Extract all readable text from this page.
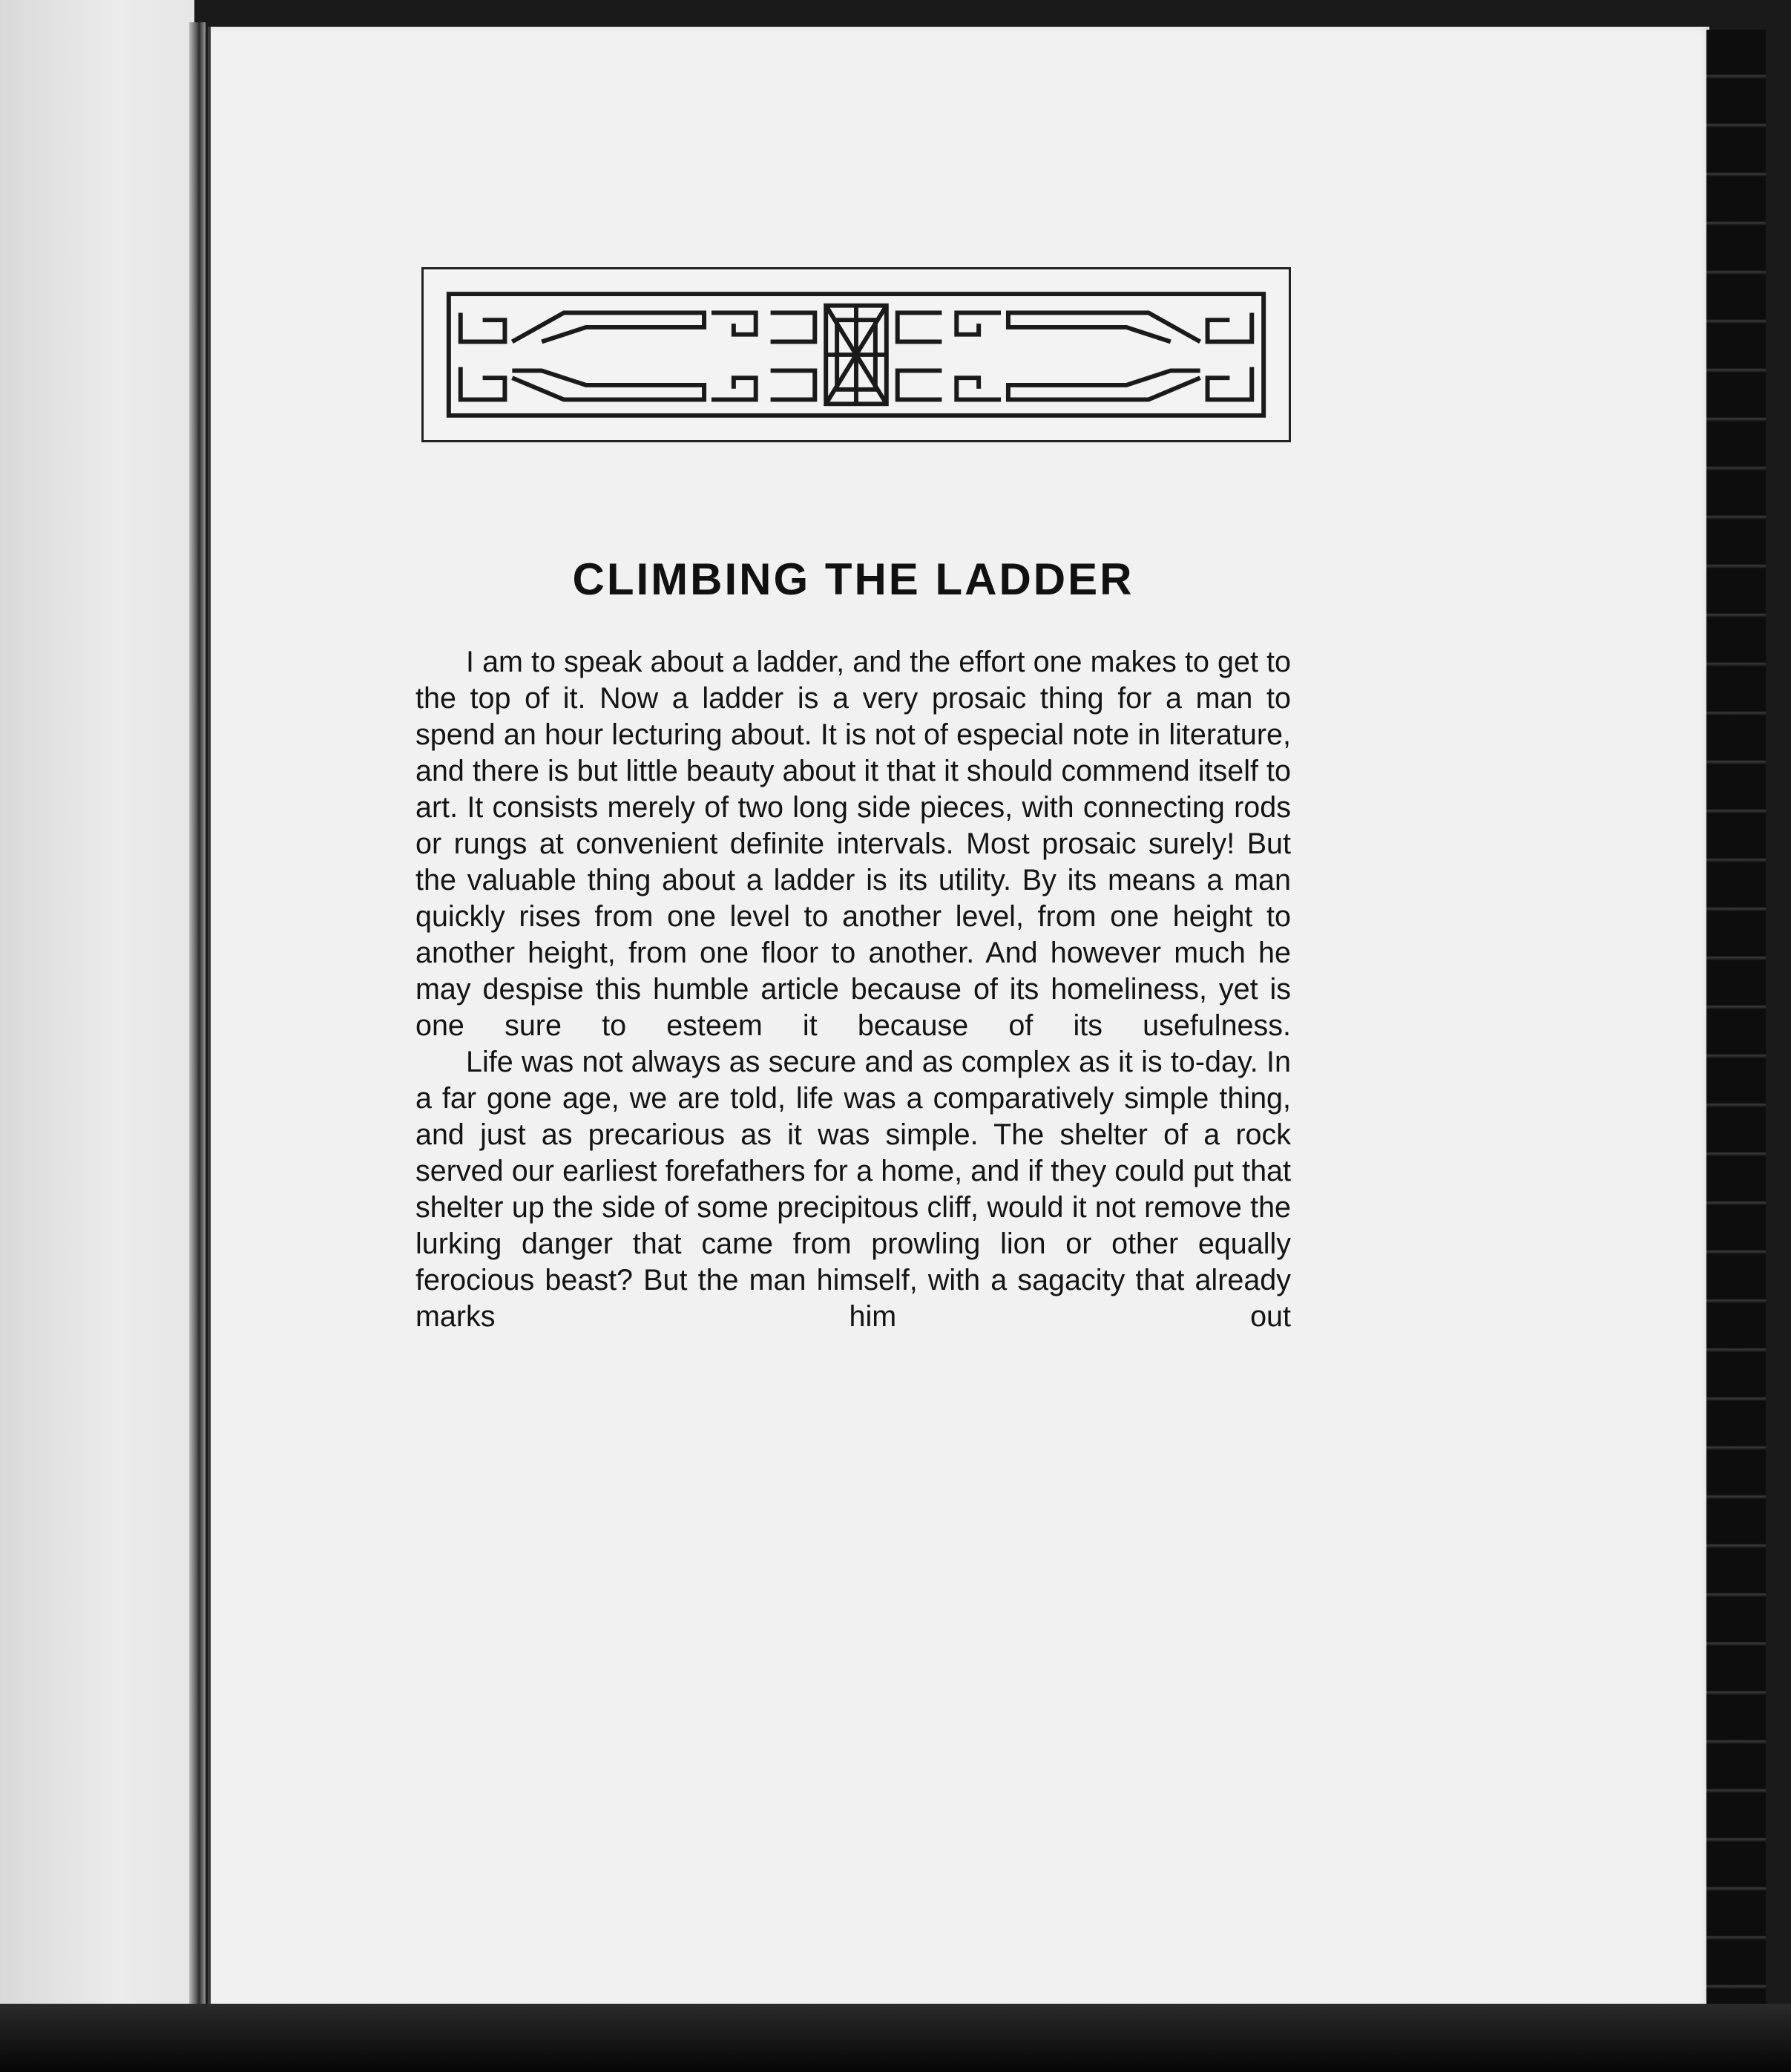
CLIMBING THE LADDER

I am to speak about a ladder, and the effort one makes to get to the top of it. Now a ladder is a very prosaic thing for a man to spend an hour lecturing about. It is not of especial note in literature, and there is but little beauty about it that it should commend itself to art. It consists merely of two long side pieces, with connecting rods or rungs at convenient definite intervals. Most prosaic surely! But the valuable thing about a ladder is its utility. By its means a man quickly rises from one level to another level, from one height to another height, from one floor to another. And however much he may despise this humble article because of its homeliness, yet is one sure to esteem it because of its usefulness.

Life was not always as secure and as complex as it is to-day. In a far gone age, we are told, life was a comparatively simple thing, and just as precarious as it was simple. The shelter of a rock served our earliest forefathers for a home, and if they could put that shelter up the side of some precipitous cliff, would it not remove the lurking danger that came from prowling lion or other equally ferocious beast? But the man himself, with a sagacity that already marks him out
